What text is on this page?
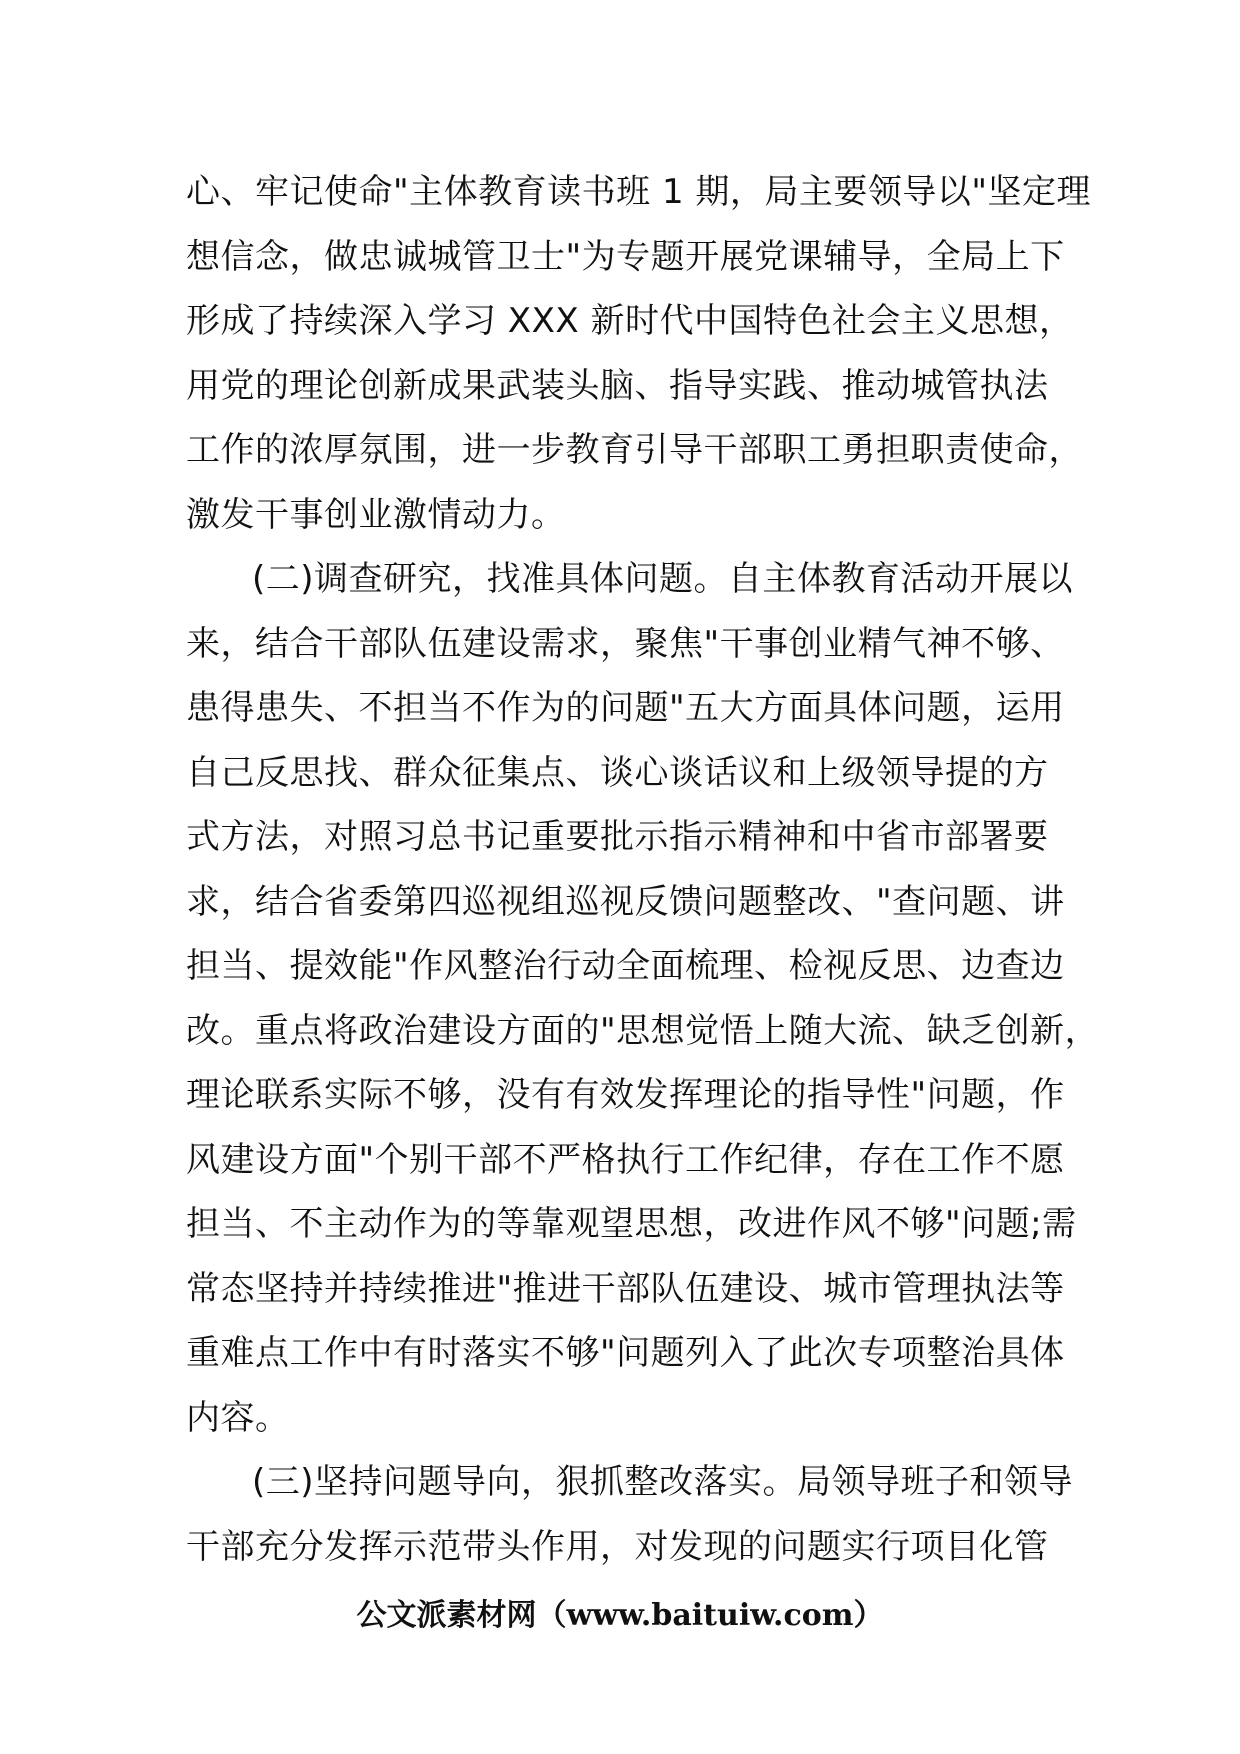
心、牢记使命"主体教育读书班 1 期，局主要领导以"坚定理
想信念，做忠诚城管卫士"为专题开展党课辅导，全局上下
形成了持续深入学习 XXX 新时代中国特色社会主义思想，
用党的理论创新成果武装头脑、指导实践、推动城管执法
工作的浓厚氛围，进一步教育引导干部职工勇担职责使命，
激发干事创业激情动力。
(二)调查研究，找准具体问题。自主体教育活动开展以
来，结合干部队伍建设需求，聚焦"干事创业精气神不够、
患得患失、不担当不作为的问题"五大方面具体问题，运用
自己反思找、群众征集点、谈心谈话议和上级领导提的方
式方法，对照习总书记重要批示指示精神和中省市部署要
求，结合省委第四巡视组巡视反馈问题整改、"查问题、讲
担当、提效能"作风整治行动全面梳理、检视反思、边查边
改。重点将政治建设方面的"思想觉悟上随大流、缺乏创新，
理论联系实际不够，没有有效发挥理论的指导性"问题，作
风建设方面"个别干部不严格执行工作纪律，存在工作不愿
担当、不主动作为的等靠观望思想，改进作风不够"问题;需
常态坚持并持续推进"推进干部队伍建设、城市管理执法等
重难点工作中有时落实不够"问题列入了此次专项整治具体
内容。
(三)坚持问题导向，狠抓整改落实。局领导班子和领导
干部充分发挥示范带头作用，对发现的问题实行项目化管
公文派素材网（www.baituiw.com）
